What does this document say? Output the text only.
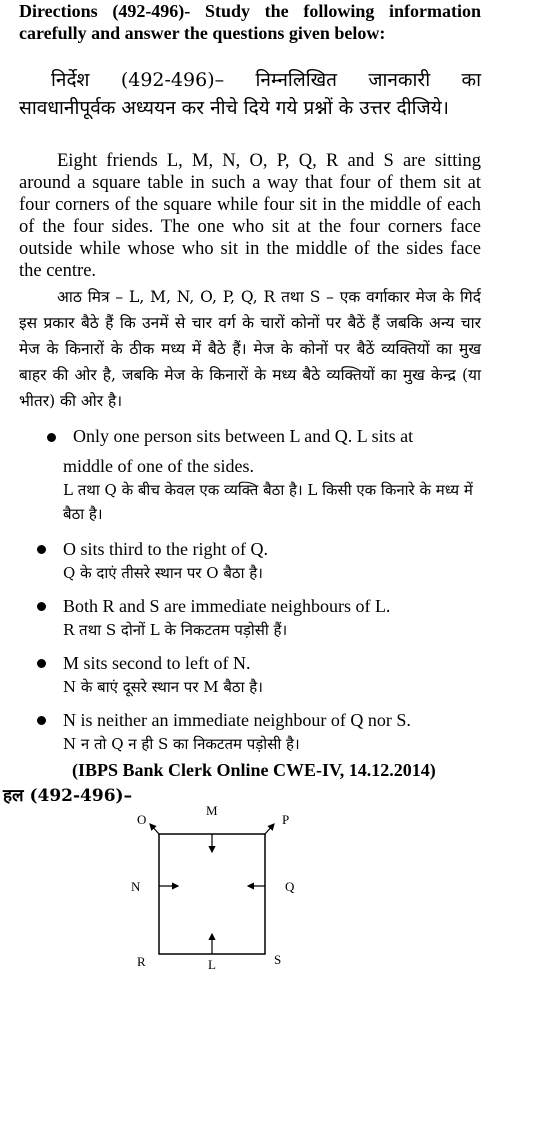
Directions (492-496)- Study the following information carefully and answer the questions given below:
निर्देश (492-496)– निम्नलिखित जानकारी का सावधानीपूर्वक अध्ययन कर नीचे दिये गये प्रश्नों के उत्तर दीजिये।
Eight friends L, M, N, O, P, Q, R and S are sitting around a square table in such a way that four of them sit at four corners of the square while four sit in the middle of each of the four sides. The one who sit at the four corners face outside while whose who sit in the middle of the sides face the centre.
आठ मित्र – L, M, N, O, P, Q, R तथा S – एक वर्गाकार मेज के गिर्द इस प्रकार बैठे हैं कि उनमें से चार वर्ग के चारों कोनों पर बैठें हैं जबकि अन्य चार मेज के किनारों के ठीक मध्य में बैठे हैं। मेज के कोनों पर बैठें व्यक्तियों का मुख बाहर की ओर है, जबकि मेज के किनारों के मध्य बैठे व्यक्तियों का मुख केन्द्र (या भीतर) की ओर है।
Only one person sits between L and Q. L sits at
middle of one of the sides.
L तथा Q के बीच केवल एक व्यक्ति बैठा है। L किसी एक किनारे के मध्य में बैठा है।
O sits third to the right of Q.
Q के दाएं तीसरे स्थान पर O बैठा है।
Both R and S are immediate neighbours of L.
R तथा S दोनों L के निकटतम पड़ोसी हैं।
M sits second to left of N.
N के बाएं दूसरे स्थान पर M बैठा है।
N is neither an immediate neighbour of Q nor S.
N न तो Q न ही S का निकटतम पड़ोसी है।
(IBPS Bank Clerk Online CWE-IV, 14.12.2014)
हल (492-496)–
O
M
P
N	Q
R	L	S
